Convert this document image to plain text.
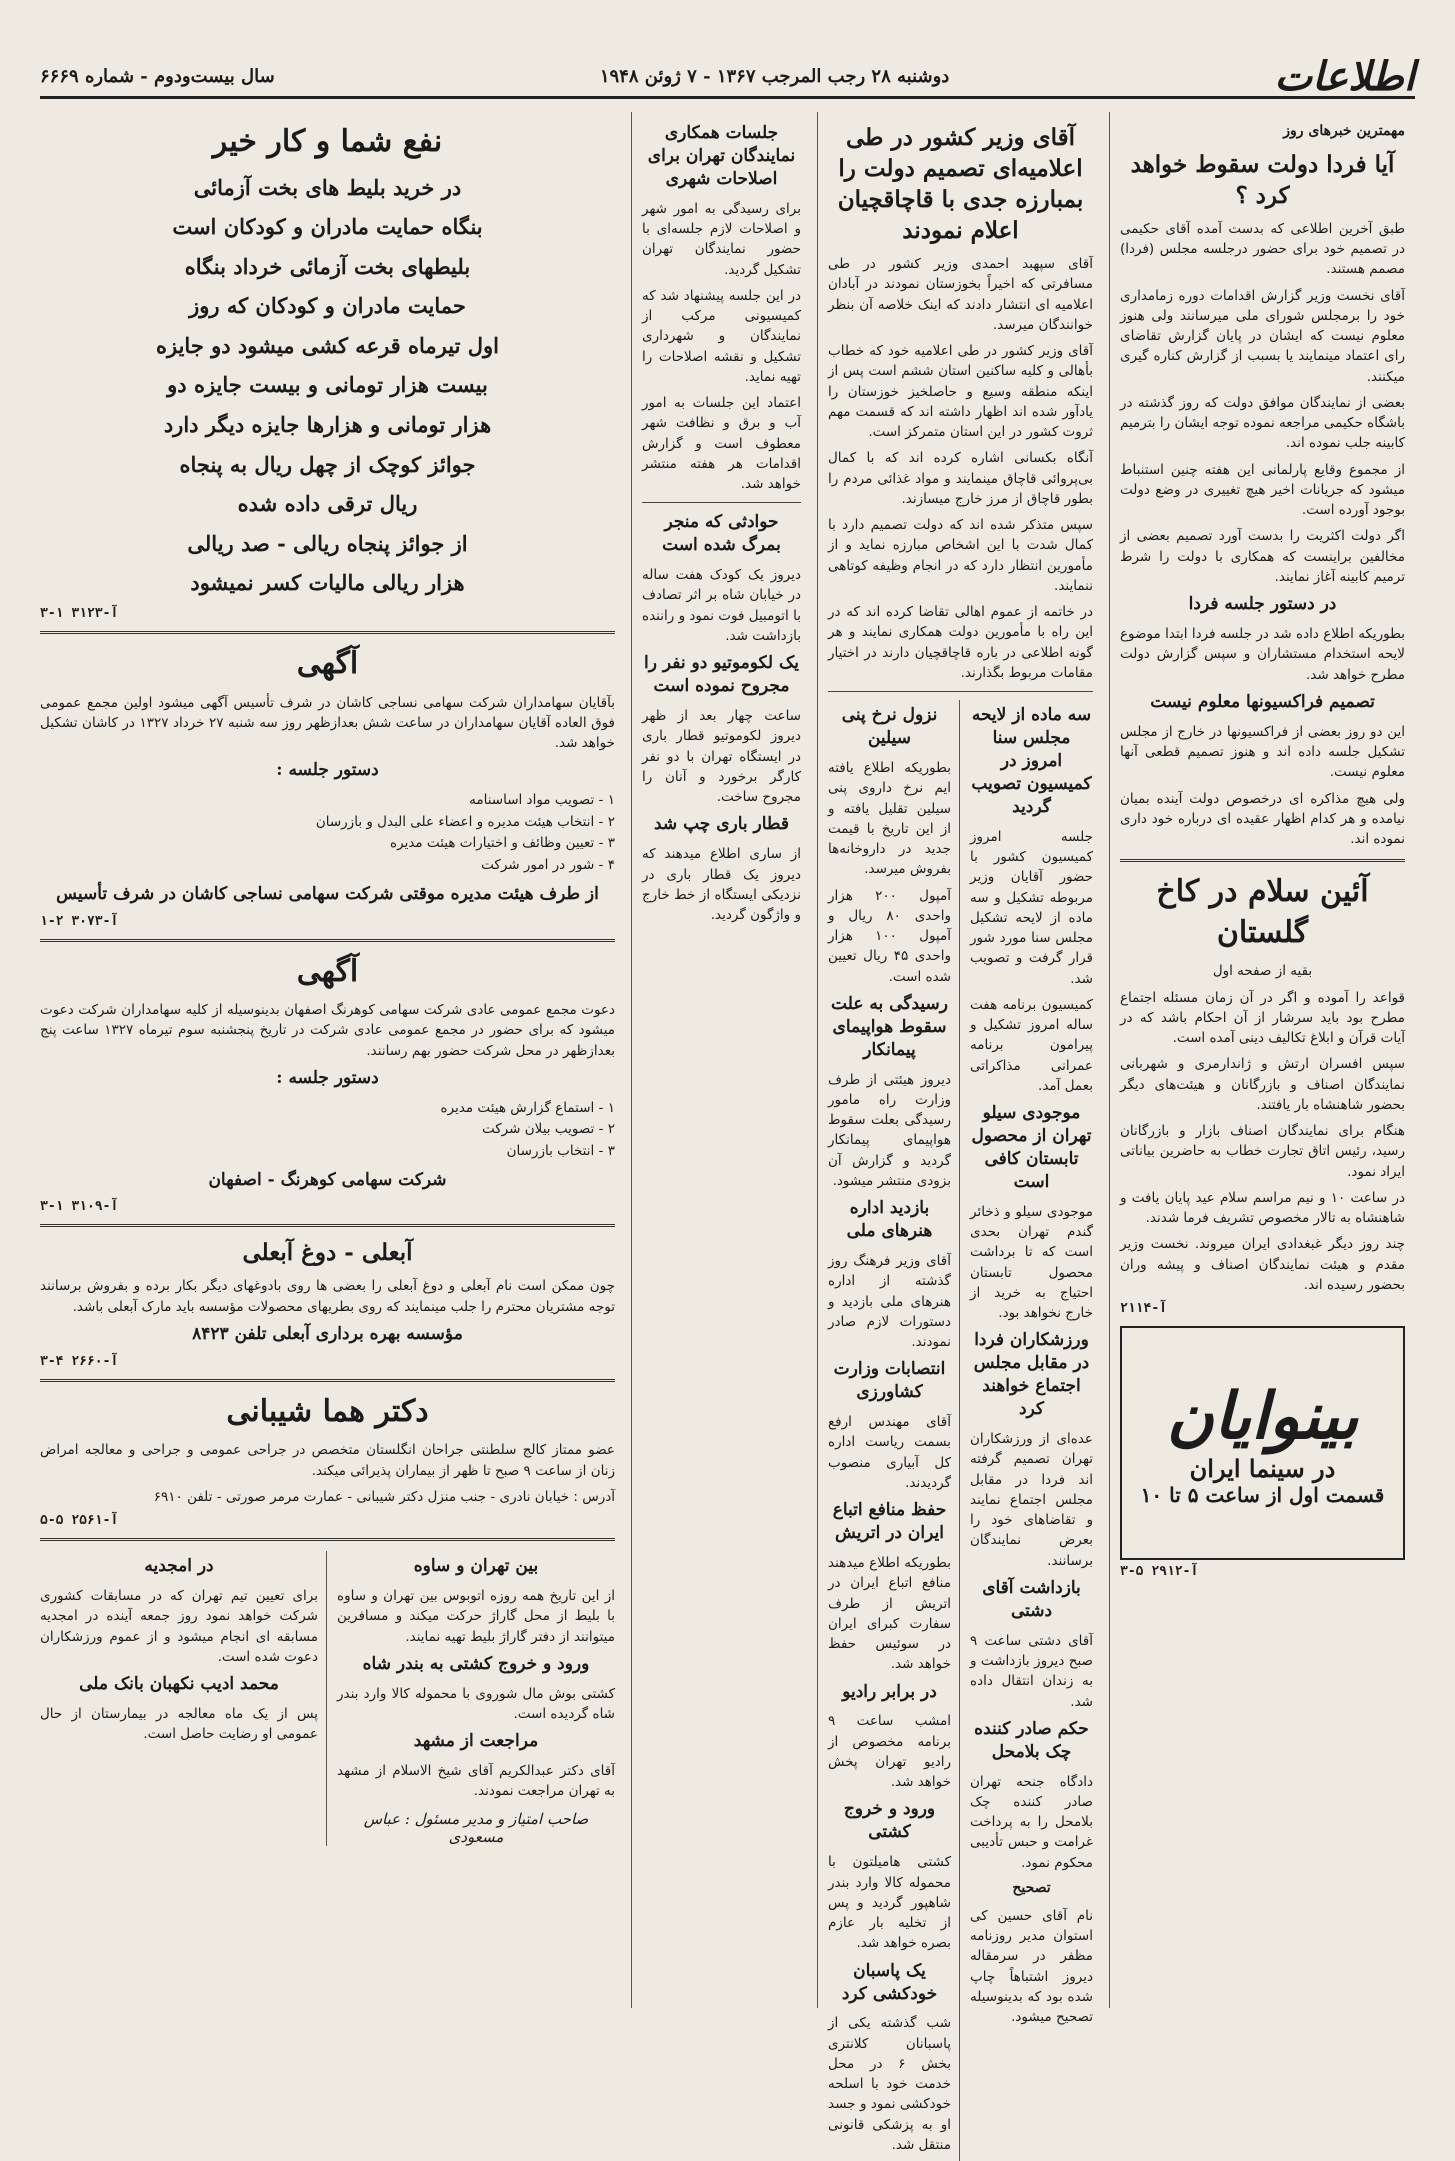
اطلاعات
دوشنبه ۲۸ رجب المرجب ۱۳۶۷ - ۷ ژوئن ۱۹۴۸
سال بیست‌ودوم - شماره ۶۶۶۹
مهمترین خبرهای روز
آیا فردا دولت سقوط خواهد کرد ؟

طبق آخرین اطلاعی که بدست آمده آقای حکیمی در تصمیم خود برای حضور درجلسه مجلس (فردا) مصمم هستند.

آقای نخست وزیر گزارش اقدامات دوره زمامداری خود را برمجلس شورای ملی میرسانند ولی هنوز معلوم نیست که ایشان در پایان گزارش تقاضای رای اعتماد مینمایند یا بسبب از گزارش کناره گیری میکنند.

بعضی از نمایندگان موافق دولت که روز گذشته در باشگاه حکیمی مراجعه نموده توجه ایشان را بترمیم کابینه جلب نموده اند.

از مجموع وقایع پارلمانی این هفته چنین استنباط میشود که جریانات اخیر هیچ تغییری در وضع دولت بوجود آورده است.

اگر دولت اکثریت را بدست آورد تصمیم بعضی از مخالفین براینست که همکاری با دولت را شرط ترمیم کابینه آغاز نمایند.

در دستور جلسه فردا

بطوریکه اطلاع داده شد در جلسه فردا ابتدا موضوع لایحه استخدام مستشاران و سپس گزارش دولت مطرح خواهد شد.

تصمیم فراکسیونها معلوم نیست

این دو روز بعضی از فراکسیونها در خارج از مجلس تشکیل جلسه داده اند و هنوز تصمیم قطعی آنها معلوم نیست.

ولی هیچ مذاکره ای درخصوص دولت آینده بمیان نیامده و هر کدام اظهار عقیده ای درباره خود داری نموده اند.

آئین سلام در کاخ گلستان

بقیه از صفحه اول

قواعد را آموده و اگر در آن زمان مسئله اجتماع مطرح بود باید سرشار از آن احکام باشد که در آیات قرآن و ابلاغ تکالیف دینی آمده است.

سپس افسران ارتش و ژاندارمری و شهربانی نمایندگان اصناف و بازرگانان و هیئت‌های دیگر بحضور شاهنشاه بار یافتند.

هنگام برای نمایندگان اصناف بازار و بازرگانان رسید، رئیس اتاق تجارت خطاب به حاضرین بیاناتی ایراد نمود.

در ساعت ۱۰ و نیم مراسم سلام عید پایان یافت و شاهنشاه به تالار مخصوص تشریف فرما شدند.

چند روز دیگر غبغدادی ایران میروند. نخست وزیر مقدم و هیئت نمایندگان اصناف و پیشه وران بحضور رسیده اند.

آ-۲۱۱۴
بینوایان
در سینما ایران
قسمت اول از ساعت ۵ تا ۱۰
آ-۲۹۱۲ ۵-۳
آقای وزیر کشور در طی اعلامیه‌ای تصمیم دولت را بمبارزه جدی با قاچاقچیان اعلام نمودند

آقای سپهبد احمدی وزیر کشور در طی مسافرتی که اخیراً بخوزستان نمودند در آبادان اعلامیه ای انتشار دادند که اینک خلاصه آن بنظر خوانندگان میرسد.

آقای وزیر کشور در طی اعلامیه خود که خطاب بأهالی و کلیه ساکنین استان ششم است پس از اینکه منطقه وسیع و حاصلخیز خوزستان را یادآور شده اند اظهار داشته اند که قسمت مهم ثروت کشور در این استان متمرکز است.

آنگاه بکسانی اشاره کرده اند که با کمال بی‌پروائی قاچاق مینمایند و مواد غذائی مردم را بطور قاچاق از مرز خارج میسازند.

سپس متذکر شده اند که دولت تصمیم دارد با کمال شدت با این اشخاص مبارزه نماید و از مأمورین انتظار دارد که در انجام وظیفه کوتاهی ننمایند.

در خاتمه از عموم اهالی تقاضا کرده اند که در این راه با مأمورین دولت همکاری نمایند و هر گونه اطلاعی در باره قاچاقچیان دارند در اختیار مقامات مربوط بگذارند.

سه ماده از لایحه مجلس سنا امروز در کمیسیون تصویب گردید

جلسه امروز کمیسیون کشور با حضور آقایان وزیر مربوطه تشکیل و سه ماده از لایحه تشکیل مجلس سنا مورد شور قرار گرفت و تصویب شد.

کمیسیون برنامه هفت ساله امروز تشکیل و پیرامون برنامه عمرانی مذاکراتی بعمل آمد.

موجودی سیلو تهران از محصول تابستان کافی است

موجودی سیلو و ذخائر گندم تهران بحدی است که تا برداشت محصول تابستان احتیاج به خرید از خارج نخواهد بود.

ورزشکاران فردا در مقابل مجلس اجتماع خواهند کرد

عده‌ای از ورزشکاران تهران تصمیم گرفته اند فردا در مقابل مجلس اجتماع نمایند و تقاضاهای خود را بعرض نمایندگان برسانند.

بازداشت آقای دشتی

آقای دشتی ساعت ۹ صبح دیروز بازداشت و به زندان انتقال داده شد.

حکم صادر کننده چک بلامحل

دادگاه جنحه تهران صادر کننده چک بلامحل را به پرداخت غرامت و حبس تأدیبی محکوم نمود.

تصحیح

نام آقای حسین کی استوان مدیر روزنامه مظفر در سرمقاله دیروز اشتباهاً چاپ شده بود که بدینوسیله تصحیح میشود.

نزول نرخ پنی سیلین

بطوریکه اطلاع یافته ایم نرخ داروی پنی سیلین تقلیل یافته و از این تاریخ با قیمت جدید در داروخانه‌ها بفروش میرسد.

آمپول ۲۰۰ هزار واحدی ۸۰ ریال و آمپول ۱۰۰ هزار واحدی ۴۵ ریال تعیین شده است.

رسیدگی به علت سقوط هواپیمای پیمانکار

دیروز هیئتی از طرف وزارت راه مامور رسیدگی بعلت سقوط هواپیمای پیمانکار گردید و گزارش آن بزودی منتشر میشود.

بازدید اداره هنرهای ملی

آقای وزیر فرهنگ روز گذشته از اداره هنرهای ملی بازدید و دستورات لازم صادر نمودند.

انتصابات وزارت کشاورزی

آقای مهندس ارفع بسمت ریاست اداره کل آبیاری منصوب گردیدند.

حفظ منافع اتباع ایران در اتریش

بطوریکه اطلاع میدهند منافع اتباع ایران در اتریش از طرف سفارت کبرای ایران در سوئیس حفظ خواهد شد.

در برابر رادیو

امشب ساعت ۹ برنامه مخصوص از رادیو تهران پخش خواهد شد.

ورود و خروج کشتی

کشتی هامیلتون با محموله کالا وارد بندر شاهپور گردید و پس از تخلیه بار عازم بصره خواهد شد.

یک پاسبان خودکشی کرد

شب گذشته یکی از پاسبانان کلانتری بخش ۶ در محل خدمت خود با اسلحه خودکشی نمود و جسد او به پزشکی قانونی منتقل شد.

جلسات همکاری نمایندگان تهران برای اصلاحات شهری

برای رسیدگی به امور شهر و اصلاحات لازم جلسه‌ای با حضور نمایندگان تهران تشکیل گردید.

در این جلسه پیشنهاد شد که کمیسیونی مرکب از نمایندگان و شهرداری تشکیل و نقشه اصلاحات را تهیه نماید.

اعتماد این جلسات به امور آب و برق و نظافت شهر معطوف است و گزارش اقدامات هر هفته منتشر خواهد شد.

حوادثی که منجر بمرگ شده است

دیروز یک کودک هفت ساله در خیابان شاه بر اثر تصادف با اتومبیل فوت نمود و راننده بازداشت شد.

یک لکوموتیو دو نفر را مجروح نموده است

ساعت چهار بعد از ظهر دیروز لکوموتیو قطار باری در ایستگاه تهران با دو نفر کارگر برخورد و آنان را مجروح ساخت.

قطار باری چپ شد

از ساری اطلاع میدهند که دیروز یک قطار باری در نزدیکی ایستگاه از خط خارج و واژگون گردید.

نفع شما و کار خیر

در خرید بلیط های بخت آزمائی

بنگاه حمایت مادران و کودکان است

بلیطهای بخت آزمائی خرداد بنگاه

حمایت مادران و کودکان که روز

اول تیرماه قرعه کشی میشود دو جایزه

بیست هزار تومانی و بیست جایزه دو

هزار تومانی و هزارها جایزه دیگر دارد

جوائز کوچک از چهل ریال به پنجاه

ریال ترقی داده شده

از جوائز پنجاه ریالی - صد ریالی

هزار ریالی مالیات کسر نمیشود

آ-۳۱۲۳ ۱-۳
آگهی

بآقایان سهامداران شرکت سهامی نساجی کاشان در شرف تأسیس آگهی میشود اولین مجمع عمومی فوق العاده آقایان سهامداران در ساعت شش بعدازظهر روز سه شنبه ۲۷ خرداد ۱۳۲۷ در کاشان تشکیل خواهد شد.

دستور جلسه :
۱ - تصویب مواد اساسنامه
۲ - انتخاب هیئت مدیره و اعضاء علی البدل و بازرسان
۳ - تعیین وظائف و اختیارات هیئت مدیره
۴ - شور در امور شرکت
از طرف هیئت مدیره موقتی شرکت سهامی نساجی کاشان در شرف تأسیس
آ-۳۰۷۳ ۲-۱
آگهی

دعوت مجمع عمومی عادی شرکت سهامی کوهرنگ اصفهان بدینوسیله از کلیه سهامداران شرکت دعوت میشود که برای حضور در مجمع عمومی عادی شرکت در تاریخ پنجشنبه سوم تیرماه ۱۳۲۷ ساعت پنج بعدازظهر در محل شرکت حضور بهم رسانند.

دستور جلسه :
۱ - استماع گزارش هیئت مدیره
۲ - تصویب بیلان شرکت
۳ - انتخاب بازرسان
شرکت سهامی کوهرنگ - اصفهان
آ-۳۱۰۹ ۱-۳
آبعلی - دوغ آبعلی

چون ممکن است نام آبعلی و دوغ آبعلی را بعضی ها روی بادوغهای دیگر بکار برده و بفروش برسانند توجه مشتریان محترم را جلب مینمایند که روی بطریهای محصولات مؤسسه باید مارک آبعلی باشد.

مؤسسه بهره برداری آبعلی تلفن ۸۴۲۳
آ-۲۶۶۰ ۴-۳
دکتر هما شیبانی

عضو ممتاز کالج سلطنتی جراحان انگلستان متخصص در جراحی عمومی و جراحی و معالجه امراض زنان از ساعت ۹ صبح تا ظهر از بیماران پذیرائی میکند.

آدرس : خیابان نادری - جنب منزل دکتر شیبانی - عمارت مرمر صورتی - تلفن ۶۹۱۰

آ-۲۵۶۱ ۵-۵
بین تهران و ساوه

از این تاریخ همه روزه اتوبوس بین تهران و ساوه با بلیط از محل گاراژ حرکت میکند و مسافرین میتوانند از دفتر گاراژ بلیط تهیه نمایند.

ورود و خروج کشتی به بندر شاه

کشتی بوش مال شوروی با محموله کالا وارد بندر شاه گردیده است.

مراجعت از مشهد

آقای دکتر عبدالکریم آقای شیخ الاسلام از مشهد به تهران مراجعت نمودند.

صاحب امتیاز و مدیر مسئول : عباس مسعودی
در امجدیه

برای تعیین تیم تهران که در مسابقات کشوری شرکت خواهد نمود روز جمعه آینده در امجدیه مسابقه ای انجام میشود و از عموم ورزشکاران دعوت شده است.

محمد ادیب نکهبان بانک ملی

پس از یک ماه معالجه در بیمارستان از حال عمومی او رضایت حاصل است.
